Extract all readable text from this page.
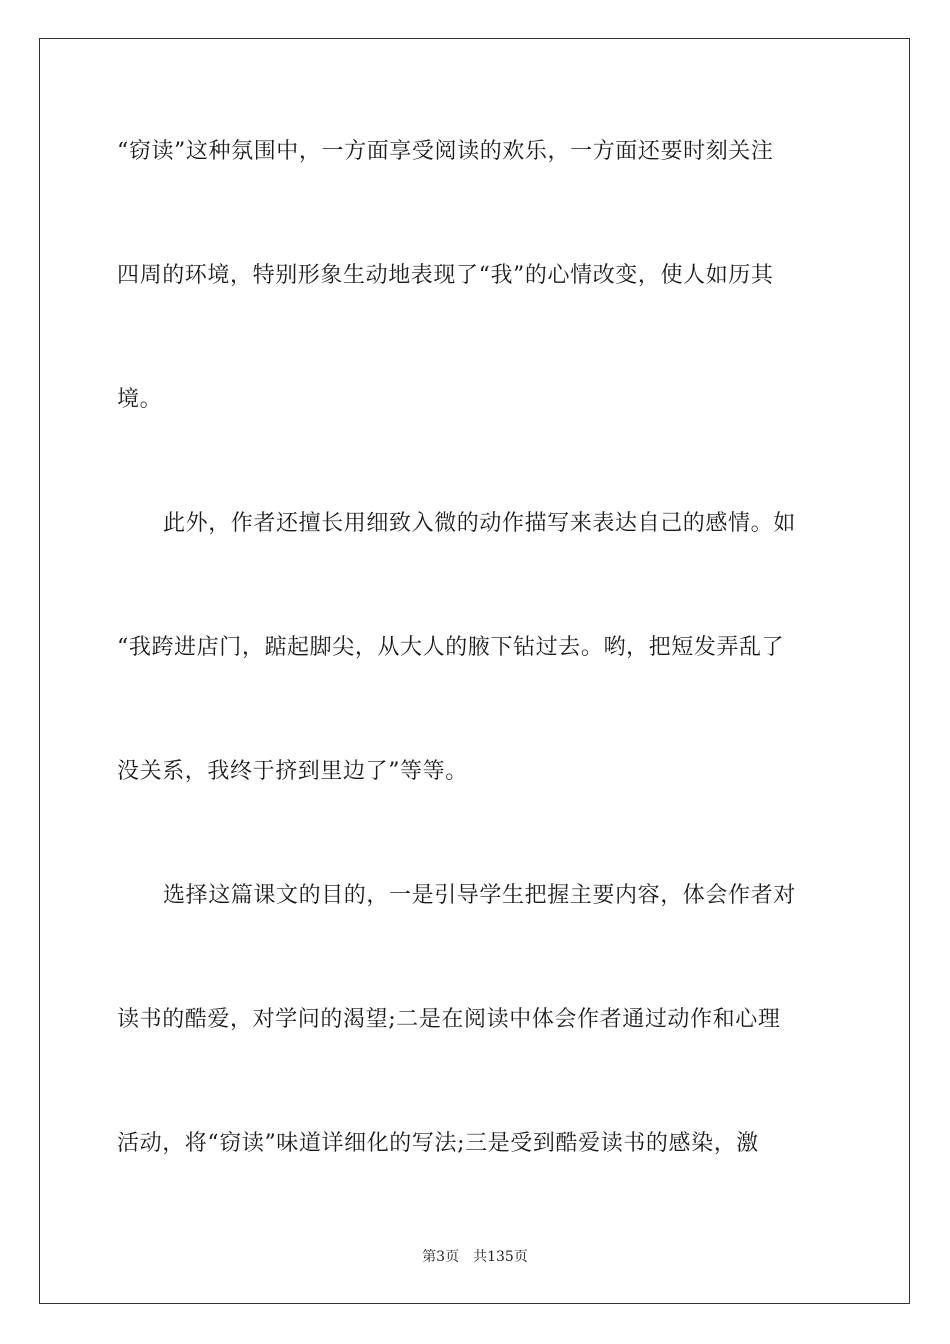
“窃读”这种氛围中，一方面享受阅读的欢乐，一方面还要时刻关注
四周的环境，特别形象生动地表现了“我”的心情改变，使人如历其
境。
此外，作者还擅长用细致入微的动作描写来表达自己的感情。如
“我跨进店门，踮起脚尖，从大人的腋下钻过去。哟，把短发弄乱了
没关系，我终于挤到里边了”等等。
选择这篇课文的目的，一是引导学生把握主要内容，体会作者对
读书的酷爱，对学问的渴望;二是在阅读中体会作者通过动作和心理
活动，将“窃读”味道详细化的写法;三是受到酷爱读书的感染，激
第3页 共135页
